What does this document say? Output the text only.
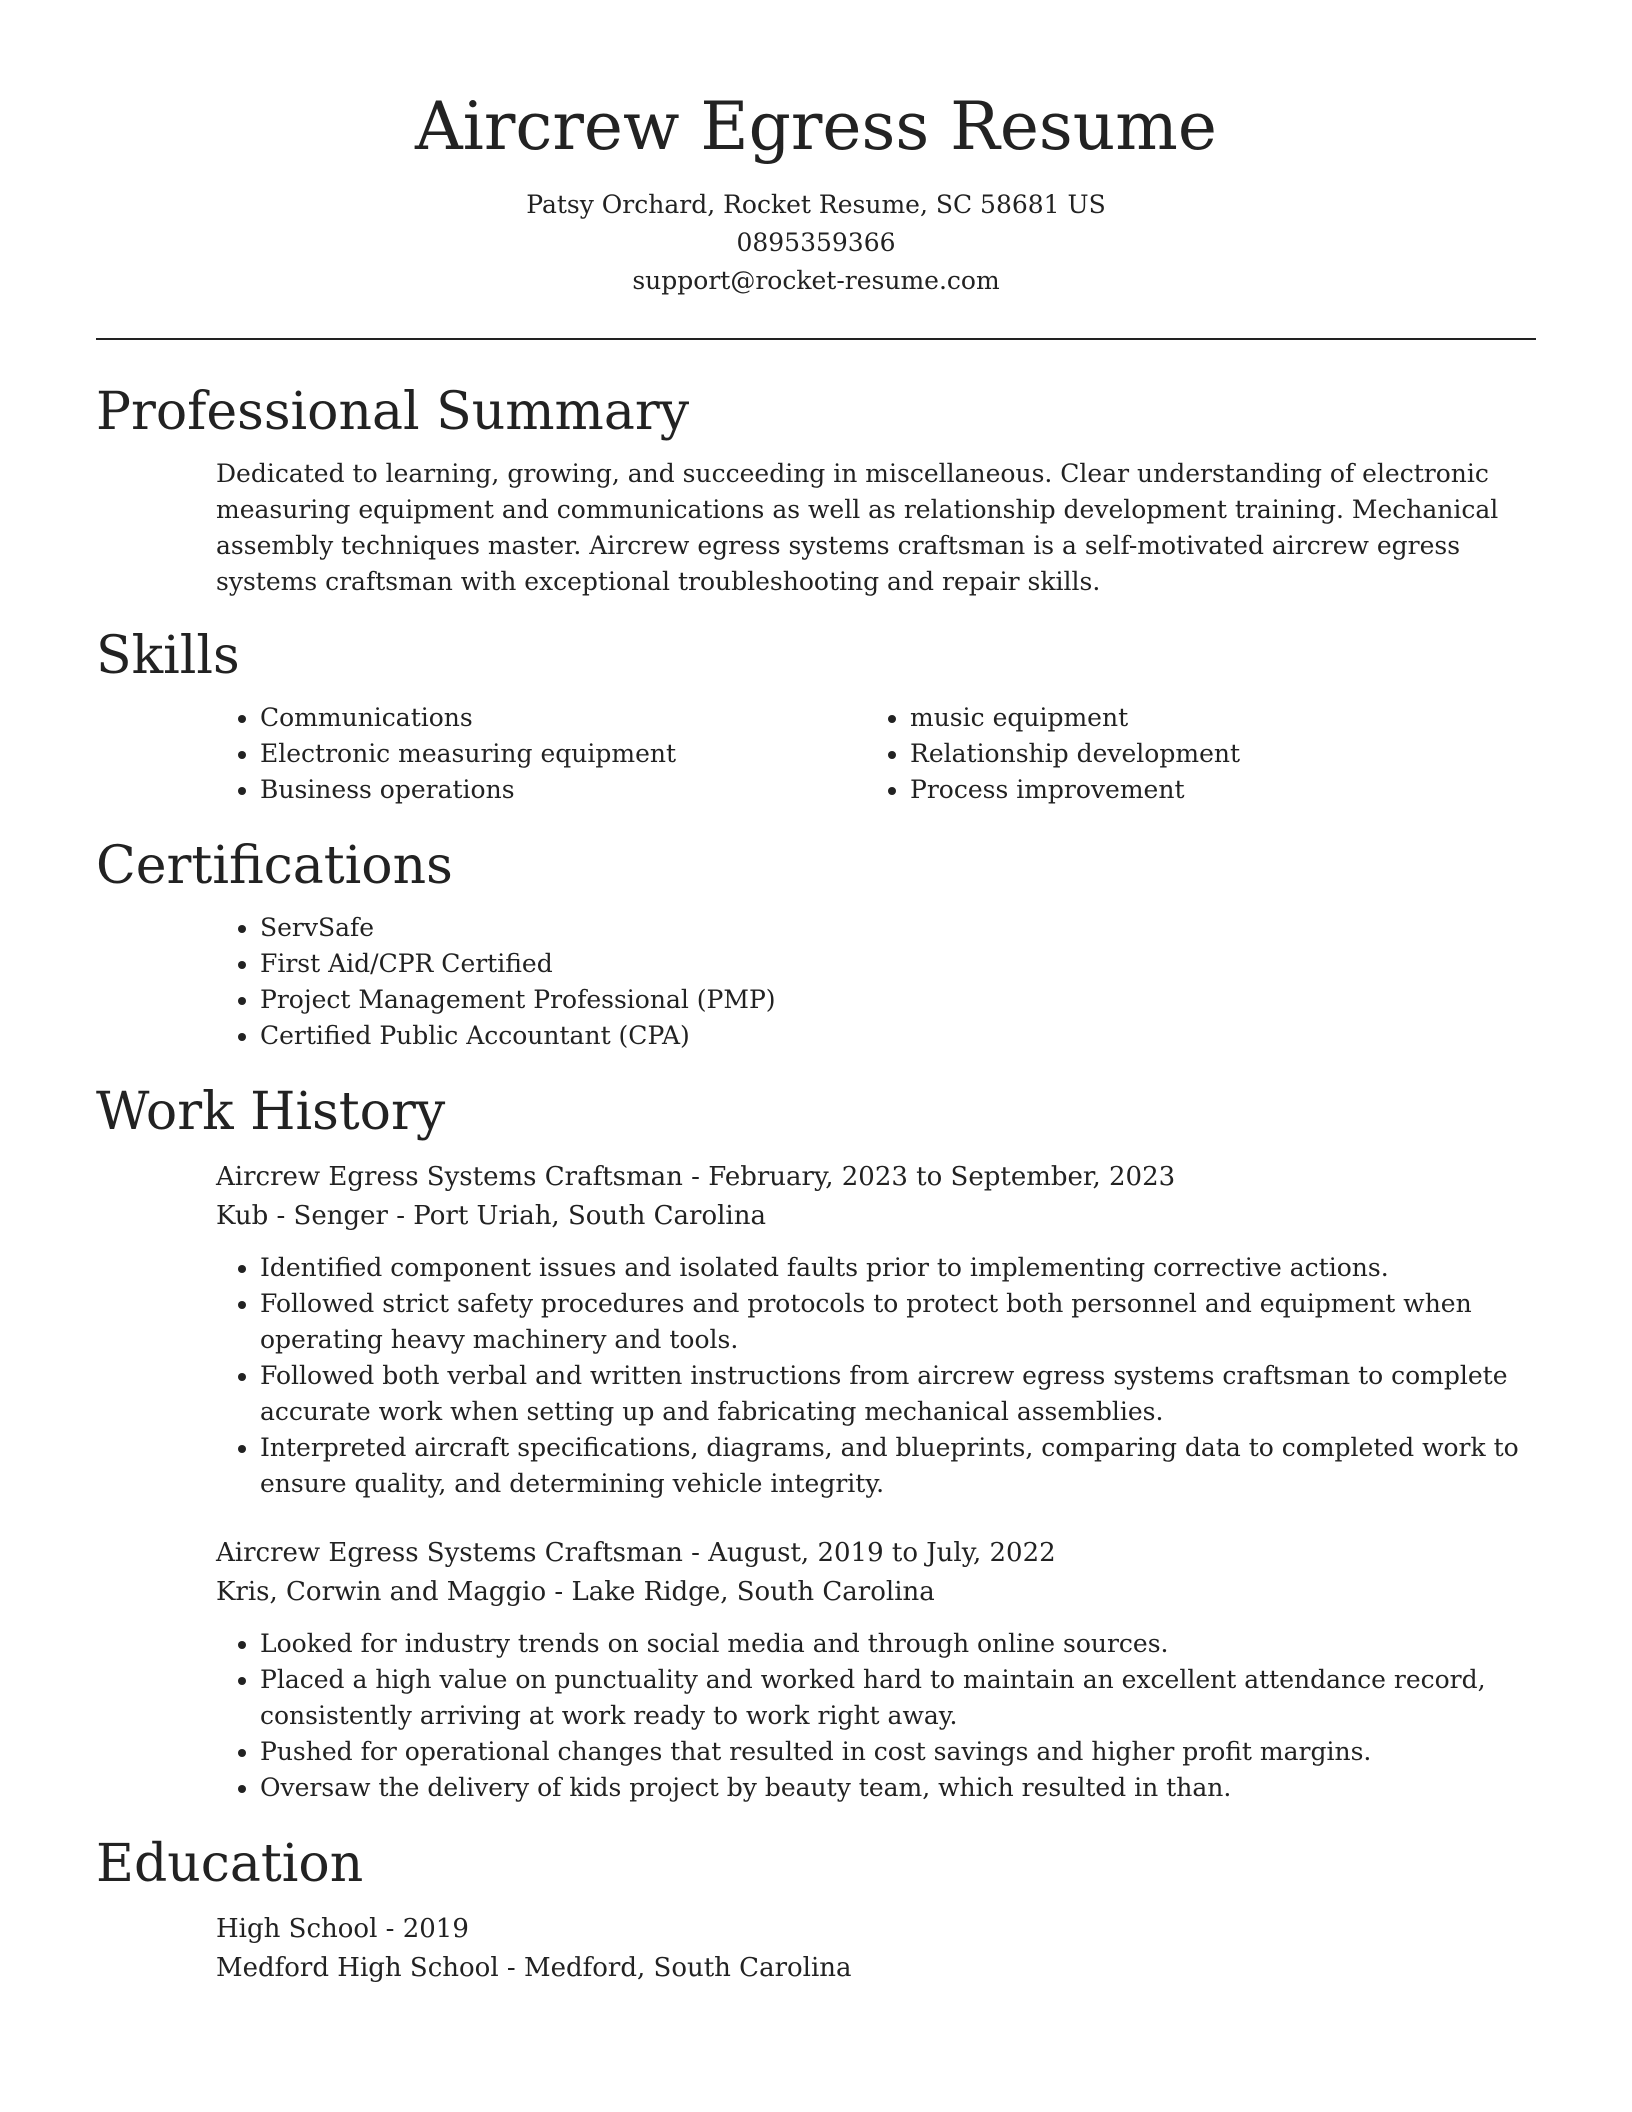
Aircrew Egress Resume
Patsy Orchard, Rocket Resume, SC 58681 US
0895359366
support@rocket-resume.com
Professional Summary

Dedicated to learning, growing, and succeeding in miscellaneous. Clear understanding of electronic measuring equipment and communications as well as relationship development training. Mechanical assembly techniques master. Aircrew egress systems craftsman is a self-motivated aircrew egress systems craftsman with exceptional troubleshooting and repair skills.

Skills
• Communications
• Electronic measuring equipment
• Business operations
• music equipment
• Relationship development
• Process improvement
Certifications
• ServSafe
• First Aid/CPR Certified
• Project Management Professional (PMP)
• Certified Public Accountant (CPA)
Work History
Aircrew Egress Systems Craftsman - February, 2023 to September, 2023
Kub - Senger - Port Uriah, South Carolina
• Identified component issues and isolated faults prior to implementing corrective actions.
• Followed strict safety procedures and protocols to protect both personnel and equipment when operating heavy machinery and tools.
• Followed both verbal and written instructions from aircrew egress systems craftsman to complete accurate work when setting up and fabricating mechanical assemblies.
• Interpreted aircraft specifications, diagrams, and blueprints, comparing data to completed work to ensure quality, and determining vehicle integrity.
Aircrew Egress Systems Craftsman - August, 2019 to July, 2022
Kris, Corwin and Maggio - Lake Ridge, South Carolina
• Looked for industry trends on social media and through online sources.
• Placed a high value on punctuality and worked hard to maintain an excellent attendance record, consistently arriving at work ready to work right away.
• Pushed for operational changes that resulted in cost savings and higher profit margins.
• Oversaw the delivery of kids project by beauty team, which resulted in than.
Education
High School - 2019
Medford High School - Medford, South Carolina
